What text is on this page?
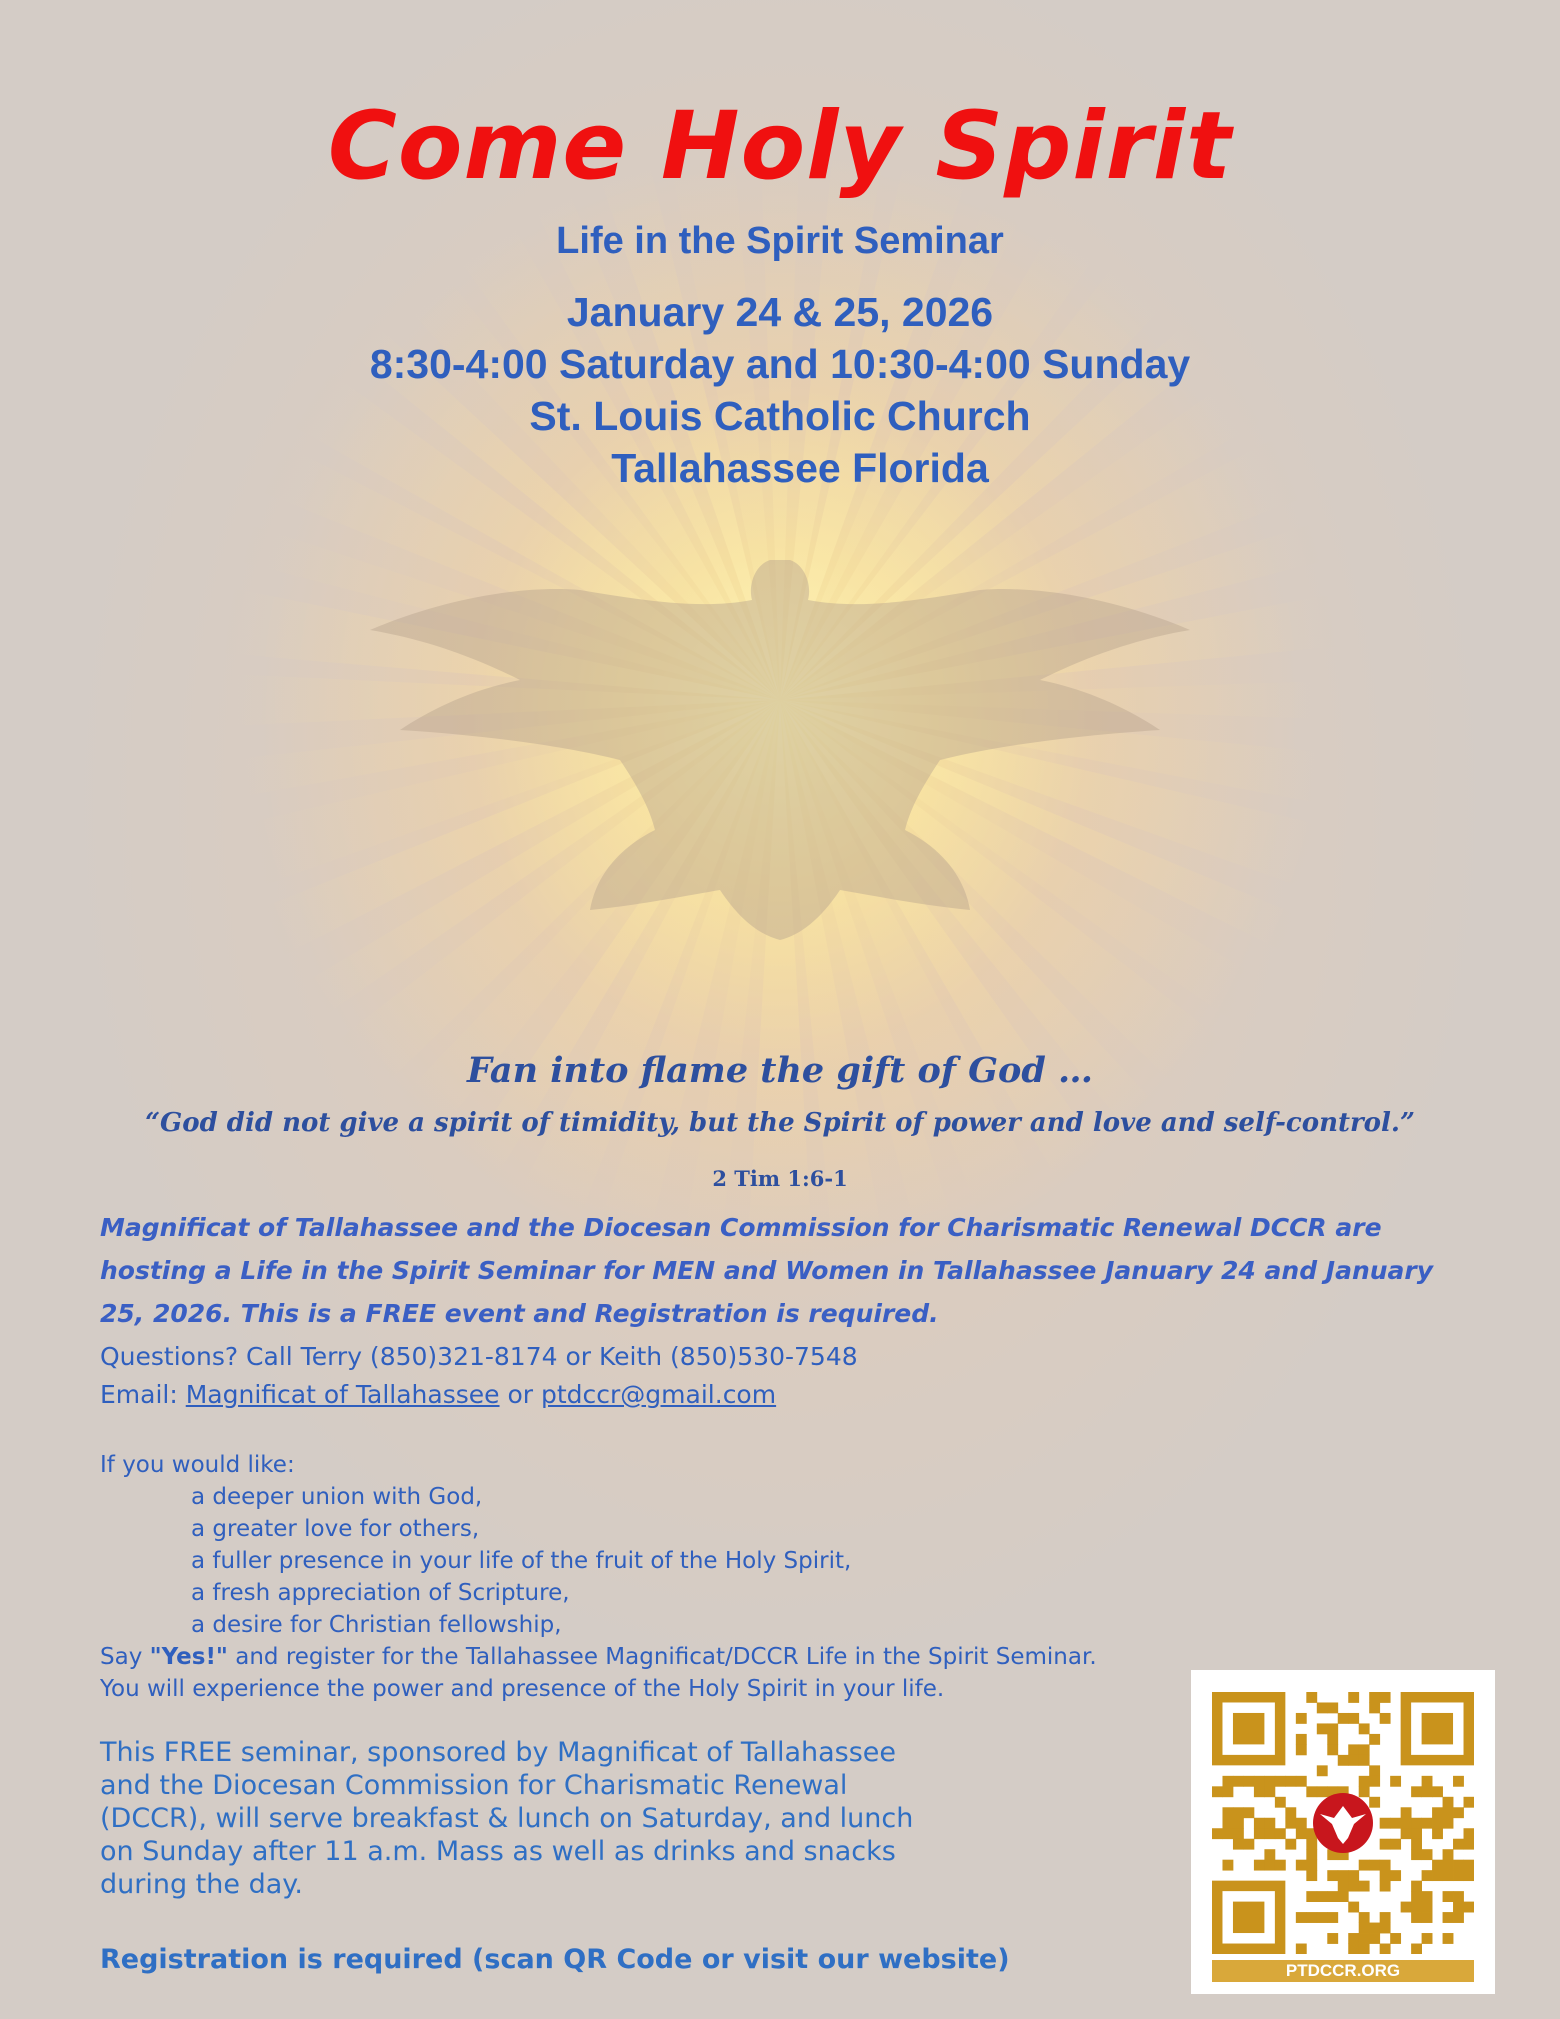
Come Holy Spirit
Life in the Spirit Seminar
January 24 & 25, 2026
8:30-4:00 Saturday and 10:30-4:00 Sunday
St. Louis Catholic Church
Tallahassee Florida
Fan into flame the gift of God …
“God did not give a spirit of timidity, but the Spirit of power and love and self-control.”
2 Tim 1:6-1

Magnificat of Tallahassee and the Diocesan Commission for Charismatic Renewal DCCR are hosting a Life in the Spirit Seminar for MEN and Women in Tallahassee January 24 and January 25, 2026. This is a FREE event and Registration is required.

Questions? Call Terry (850)321-8174 or Keith (850)530-7548

Email: Magnificat of Tallahassee or ptdccr@gmail.com

If you would like:
a deeper union with God,
a greater love for others,
a fuller presence in your life of the fruit of the Holy Spirit,
a fresh appreciation of Scripture,
a desire for Christian fellowship,
Say "Yes!" and register for the Tallahassee Magnificat/DCCR Life in the Spirit Seminar.
You will experience the power and presence of the Holy Spirit in your life.
This FREE seminar, sponsored by Magnificat of Tallahassee
and the Diocesan Commission for Charismatic Renewal
(DCCR), will serve breakfast & lunch on Saturday, and lunch
on Sunday after 11 a.m. Mass as well as drinks and snacks
during the day.

Registration is required (scan QR Code or visit our website)	PTDCCR.ORG
